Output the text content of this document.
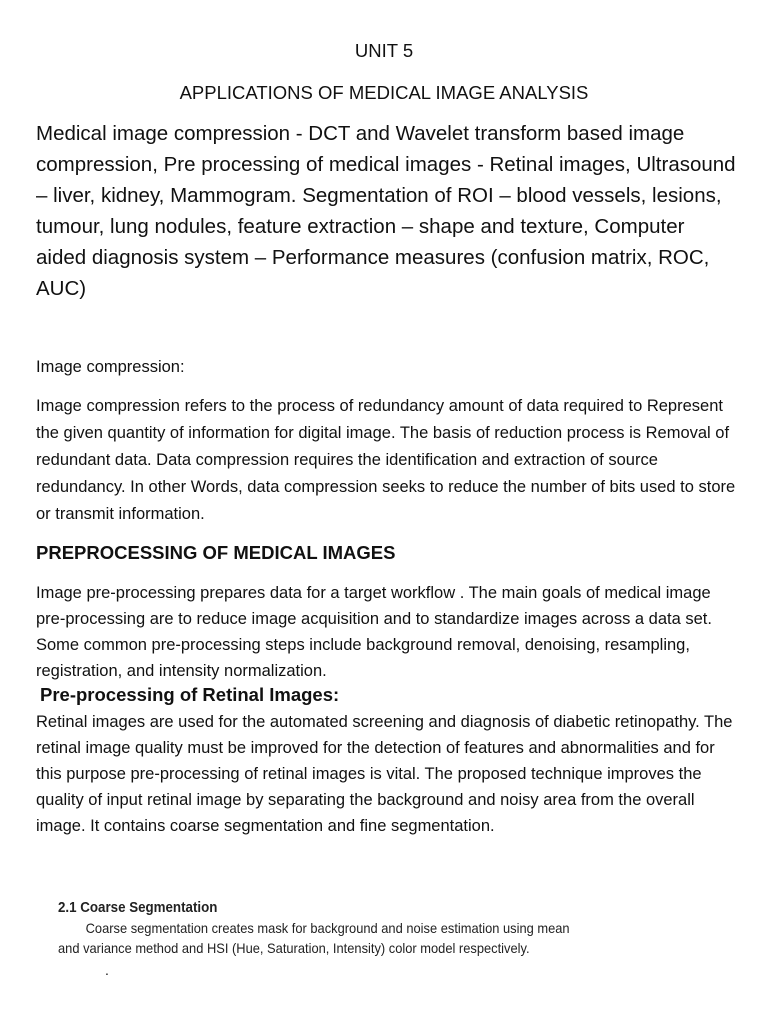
UNIT 5
APPLICATIONS OF MEDICAL IMAGE ANALYSIS
Medical image compression - DCT and Wavelet transform based image compression, Pre processing of medical images - Retinal images, Ultrasound – liver, kidney, Mammogram. Segmentation of ROI – blood vessels, lesions, tumour, lung nodules, feature extraction – shape and texture, Computer aided diagnosis system – Performance measures (confusion matrix, ROC, AUC)
Image compression:
Image compression refers to the process of redundancy amount of data required to Represent the given quantity of information for digital image. The basis of reduction process is Removal of redundant data. Data compression requires the identification and extraction of source redundancy. In other Words, data compression seeks to reduce the number of bits used to store or transmit information.
PREPROCESSING OF MEDICAL IMAGES
Image pre-processing prepares data for a target workflow . The main goals of medical image pre-processing are to reduce image acquisition and to standardize images across a data set. Some common pre-processing steps include background removal, denoising, resampling, registration, and intensity normalization.
Pre-processing of Retinal Images:
Retinal images are used for the automated screening and diagnosis of diabetic retinopathy. The retinal image quality must be improved for the detection of features and abnormalities and for this purpose pre-processing of retinal images is vital. The proposed technique improves the quality of input retinal image by separating the background and noisy area from the overall image. It contains coarse segmentation and fine segmentation.
2.1 Coarse Segmentation
Coarse segmentation creates mask for background and noise estimation using mean
and variance method and HSI (Hue, Saturation, Intensity) color model respectively.
.
